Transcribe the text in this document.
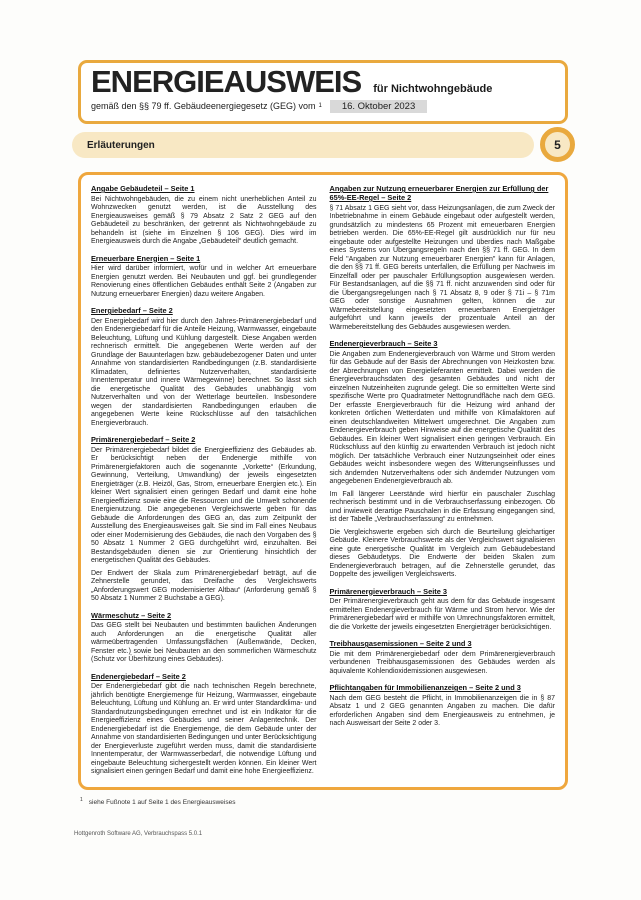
ENERGIEAUSWEIS für Nichtwohngebäude
gemäß den §§ 79 ff. Gebäudeenergiegesetz (GEG) vom 1	16. Oktober 2023
Erläuterungen	5
Angabe Gebäudeteil – Seite 1

Bei Nichtwohngebäuden, die zu einem nicht unerheblichen Anteil zu Wohnzwecken genutzt werden, ist die Ausstellung des Energieausweises gemäß § 79 Absatz 2 Satz 2 GEG auf den Gebäudeteil zu beschränken, der getrennt als Nichtwohngebäude zu behandeln ist (siehe im Einzelnen § 106 GEG). Dies wird im Energieausweis durch die Angabe „Gebäudeteil“ deutlich gemacht.

Erneuerbare Energien – Seite 1

Hier wird darüber informiert, wofür und in welcher Art erneuerbare Energien genutzt werden. Bei Neubauten und ggf. bei grundlegender Renovierung eines öffentlichen Gebäudes enthält Seite 2 (Angaben zur Nutzung erneuerbarer Energien) dazu weitere Angaben.

Energiebedarf – Seite 2

Der Energiebedarf wird hier durch den Jahres-Primärenergiebedarf und den Endenergiebedarf für die Anteile Heizung, Warmwasser, eingebaute Beleuchtung, Lüftung und Kühlung dargestellt. Diese Angaben werden rechnerisch ermittelt. Die angegebenen Werte werden auf der Grundlage der Bauunterlagen bzw. gebäudebezogener Daten und unter Annahme von standardisierten Randbedingungen (z.B. standardisierte Klimadaten, definiertes Nutzerverhalten, standardisierte Innentemperatur und innere Wärmegewinne) berechnet. So lässt sich die energetische Qualität des Gebäudes unabhängig vom Nutzerverhalten und von der Wetterlage beurteilen. Insbesondere wegen der standardisierten Randbedingungen erlauben die angegebenen Werte keine Rückschlüsse auf den tatsächlichen Energieverbrauch.

Primärenergiebedarf – Seite 2

Der Primärenergiebedarf bildet die Energieeffizienz des Gebäudes ab. Er berücksichtigt neben der Endenergie mithilfe von Primärenergiefaktoren auch die sogenannte „Vorkette“ (Erkundung, Gewinnung, Verteilung, Umwandlung) der jeweils eingesetzten Energieträger (z.B. Heizöl, Gas, Strom, erneuerbare Energien etc.). Ein kleiner Wert signalisiert einen geringen Bedarf und damit eine hohe Energieeffizienz sowie eine die Ressourcen und die Umwelt schonende Energienutzung. Die angegebenen Vergleichswerte geben für das Gebäude die Anforderungen des GEG an, das zum Zeitpunkt der Ausstellung des Energieausweises galt. Sie sind im Fall eines Neubaus oder einer Modernisierung des Gebäudes, die nach den Vorgaben des § 50 Absatz 1 Nummer 2 GEG durchgeführt wird, einzuhalten. Bei Bestandsgebäuden dienen sie zur Orientierung hinsichtlich der energetischen Qualität des Gebäudes.

Der Endwert der Skala zum Primärenergiebedarf beträgt, auf die Zehnerstelle gerundet, das Dreifache des Vergleichswerts „Anforderungswert GEG modernisierter Altbau“ (Anforderung gemäß § 50 Absatz 1 Nummer 2 Buchstabe a GEG).

Wärmeschutz – Seite 2

Das GEG stellt bei Neubauten und bestimmten baulichen Änderungen auch Anforderungen an die energetische Qualität aller wärmeübertragenden Umfassungsflächen (Außenwände, Decken, Fenster etc.) sowie bei Neubauten an den sommerlichen Wärmeschutz (Schutz vor Überhitzung eines Gebäudes).

Endenergiebedarf – Seite 2

Der Endenergiebedarf gibt die nach technischen Regeln berechnete, jährlich benötigte Energiemenge für Heizung, Warmwasser, eingebaute Beleuchtung, Lüftung und Kühlung an. Er wird unter Standardklima- und Standardnutzungsbedingungen errechnet und ist ein Indikator für die Energieeffizienz eines Gebäudes und seiner Anlagentechnik. Der Endenergiebedarf ist die Energiemenge, die dem Gebäude unter der Annahme von standardisierten Bedingungen und unter Berücksichtigung der Energieverluste zugeführt werden muss, damit die standardisierte Innentemperatur, der Warmwasserbedarf, die notwendige Lüftung und eingebaute Beleuchtung sichergestellt werden können. Ein kleiner Wert signalisiert einen geringen Bedarf und damit eine hohe Energieeffizienz.

Angaben zur Nutzung erneuerbarer Energien zur Erfüllung der 65%-EE-Regel – Seite 2

§ 71 Absatz 1 GEG sieht vor, dass Heizungsanlagen, die zum Zweck der Inbetriebnahme in einem Gebäude eingebaut oder aufgestellt werden, grundsätzlich zu mindestens 65 Prozent mit erneuerbaren Energien betrieben werden. Die 65%-EE-Regel gilt ausdrücklich nur für neu eingebaute oder aufgestellte Heizungen und überdies nach Maßgabe eines Systems von Übergangsregeln nach den §§ 71 ff. GEG. In dem Feld "Angaben zur Nutzung erneuerbarer Energien" kann für Anlagen, die den §§ 71 ff. GEG bereits unterfallen, die Erfüllung per Nachweis im Einzelfall oder per pauschaler Erfüllungsoption ausgewiesen werden. Für Bestandsanlagen, auf die §§ 71 ff. nicht anzuwenden sind oder für die Übergangsregelungen nach § 71 Absatz 8, 9 oder § 71i – § 71m GEG oder sonstige Ausnahmen gelten, können die zur Wärmebereitstellung eingesetzten erneuerbaren Energieträger aufgeführt und kann jeweils der prozentuale Anteil an der Wärmebereitstellung des Gebäudes ausgewiesen werden.

Endenergieverbrauch – Seite 3

Die Angaben zum Endenergieverbrauch von Wärme und Strom werden für das Gebäude auf der Basis der Abrechnungen von Heizkosten bzw. der Abrechnungen von Energielieferanten ermittelt. Dabei werden die Energieverbrauchsdaten des gesamten Gebäudes und nicht der einzelnen Nutzeinheiten zugrunde gelegt. Die so ermittelten Werte sind spezifische Werte pro Quadratmeter Nettogrundfläche nach dem GEG. Der erfasste Energieverbrauch für die Heizung wird anhand der konkreten örtlichen Wetterdaten und mithilfe von Klimafaktoren auf einen deutschlandweiten Mittelwert umgerechnet. Die Angaben zum Endenergieverbrauch geben Hinweise auf die energetische Qualität des Gebäudes. Ein kleiner Wert signalisiert einen geringen Verbrauch. Ein Rückschluss auf den künftig zu erwartenden Verbrauch ist jedoch nicht möglich. Der tatsächliche Verbrauch einer Nutzungseinheit oder eines Gebäudes weicht insbesondere wegen des Witterungseinflusses und sich ändernden Nutzerverhaltens oder sich ändernder Nutzungen vom angegebenen Endenergieverbrauch ab.

Im Fall längerer Leerstände wird hierfür ein pauschaler Zuschlag rechnerisch bestimmt und in die Verbrauchserfassung einbezogen. Ob und inwieweit derartige Pauschalen in die Erfassung eingegangen sind, ist der Tabelle „Verbrauchserfassung“ zu entnehmen.

Die Vergleichswerte ergeben sich durch die Beurteilung gleichartiger Gebäude. Kleinere Verbrauchswerte als der Vergleichswert signalisieren eine gute energetische Qualität im Vergleich zum Gebäudebestand dieses Gebäudetyps. Die Endwerte der beiden Skalen zum Endenergieverbrauch betragen, auf die Zehnerstelle gerundet, das Doppelte des jeweiligen Vergleichswerts.

Primärenergieverbrauch – Seite 3

Der Primärenergieverbrauch geht aus dem für das Gebäude insgesamt ermittelten Endenergieverbrauch für Wärme und Strom hervor. Wie der Primärenergiebedarf wird er mithilfe von Umrechnungsfaktoren ermittelt, die die Vorkette der jeweils eingesetzten Energieträger berücksichtigen.

Treibhausgasemissionen – Seite 2 und 3

Die mit dem Primärenergiebedarf oder dem Primärenergieverbrauch verbundenen Treibhausgasemissionen des Gebäudes werden als äquivalente Kohlendioxidemissionen ausgewiesen.

Pflichtangaben für Immobilienanzeigen – Seite 2 und 3

Nach dem GEG besteht die Pflicht, in Immobilienanzeigen die in § 87 Absatz 1 und 2 GEG genannten Angaben zu machen. Die dafür erforderlichen Angaben sind dem Energieausweis zu entnehmen, je nach Ausweisart der Seite 2 oder 3.

$^1$ siehe Fußnote 1 auf Seite 1 des Energieausweises
Hottgenroth Software AG, Verbrauchspass 5.0.1
